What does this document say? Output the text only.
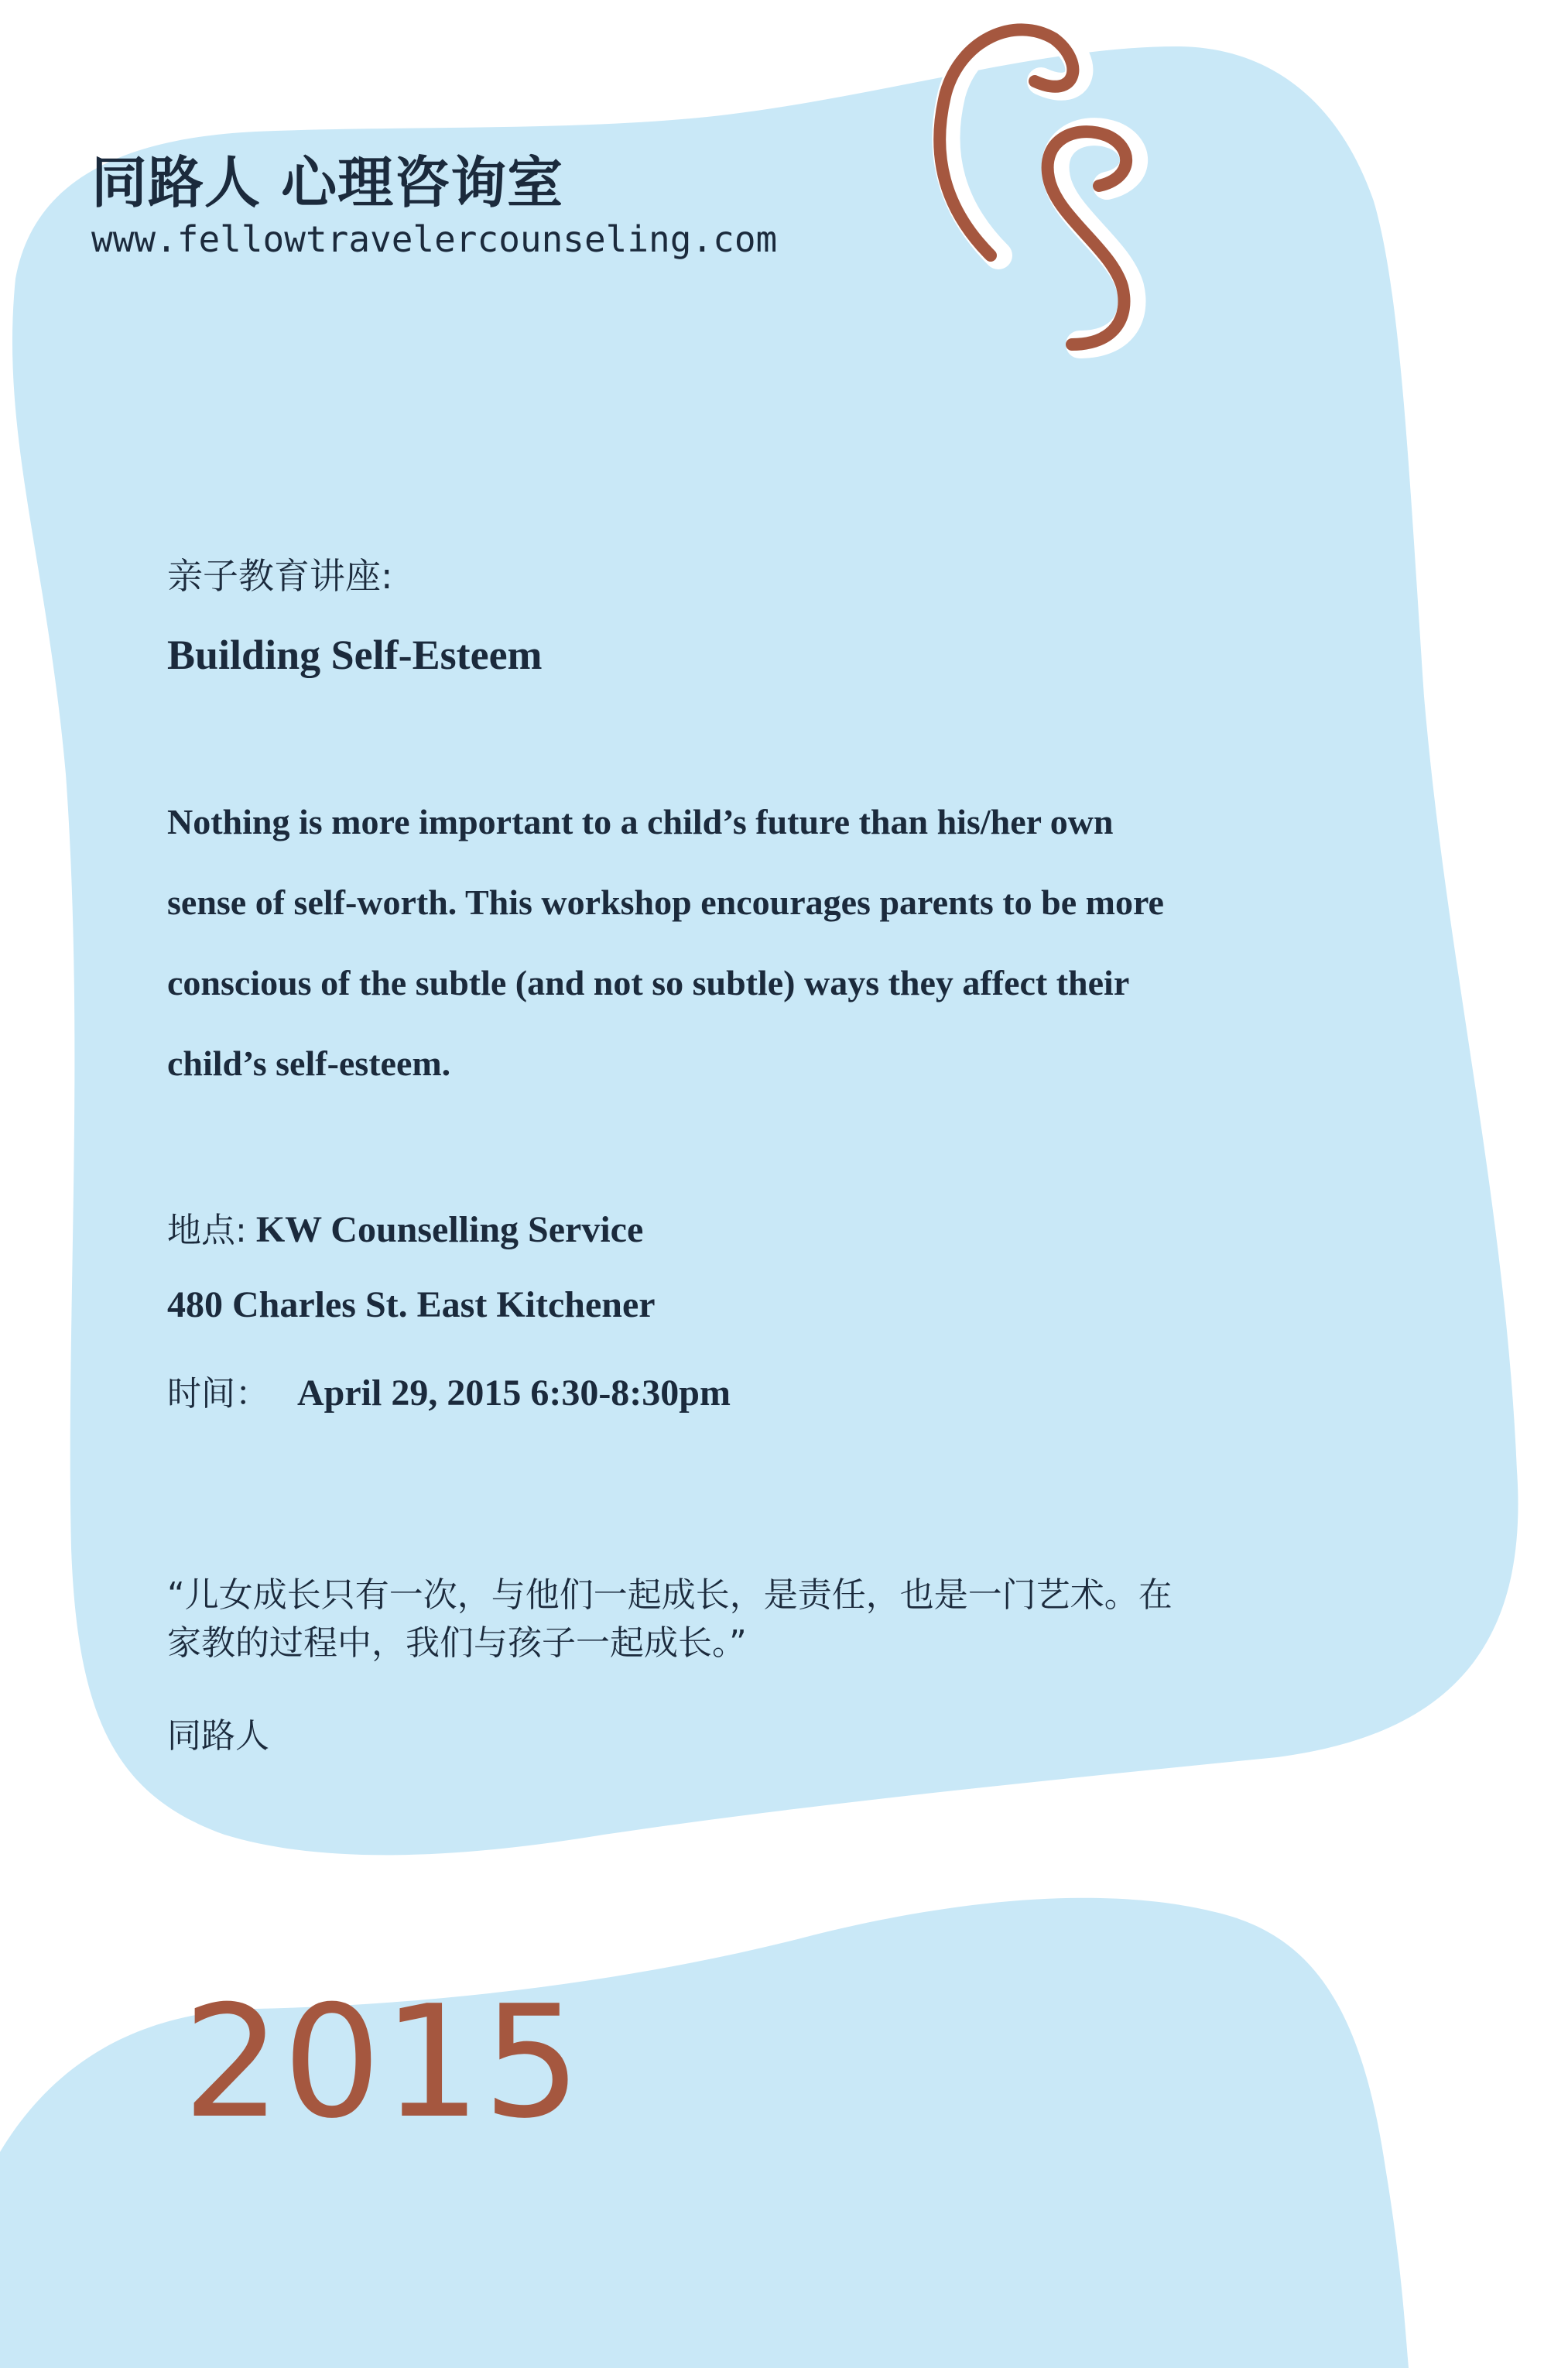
同路人 心理咨询室
www.fellowtravelercounseling.com
亲子教育讲座:
Building Self-Esteem
Nothing is more important to a child’s future than his/her own
sense of self-worth. This workshop encourages parents to be more
conscious of the subtle (and not so subtle) ways they affect their
child’s self-esteem.
地点: KW Counselling Service
480 Charles St. East Kitchener
时间： April 29, 2015 6:30-8:30pm
“儿女成长只有一次，与他们一起成长，是责任，也是一门艺术。在
家教的过程中，我们与孩子一起成长。”
同路人
2015
